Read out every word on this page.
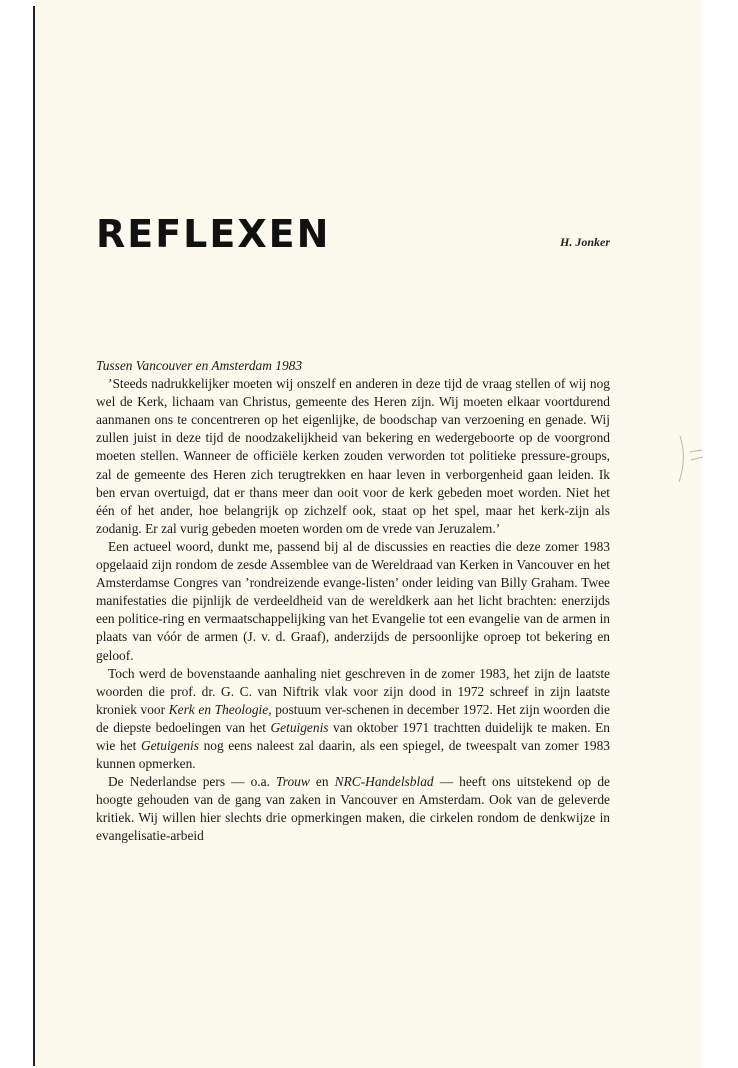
REFLEXEN	H. Jonker

Tussen Vancouver en Amsterdam 1983

’Steeds nadrukkelijker moeten wij onszelf en anderen in deze tijd de vraag stellen of wij nog wel de Kerk, lichaam van Christus, gemeente des Heren zijn. Wij moeten elkaar voortdurend aanmanen ons te concentreren op het eigenlijke, de boodschap van verzoening en genade. Wij zullen juist in deze tijd de noodzakelijkheid van bekering en wedergeboorte op de voorgrond moeten stellen. Wanneer de officiële kerken zouden verworden tot politieke pressure-groups, zal de gemeente des Heren zich terugtrekken en haar leven in verborgenheid gaan leiden. Ik ben ervan overtuigd, dat er thans meer dan ooit voor de kerk gebeden moet worden. Niet het één of het ander, hoe belangrijk op zichzelf ook, staat op het spel, maar het kerk-zijn als zodanig. Er zal vurig gebeden moeten worden om de vrede van Jeruzalem.’

Een actueel woord, dunkt me, passend bij al de discussies en reacties die deze zomer 1983 opgelaaid zijn rondom de zesde Assemblee van de Wereldraad van Kerken in Vancouver en het Amsterdamse Congres van ’rondreizende evange-listen’ onder leiding van Billy Graham. Twee manifestaties die pijnlijk de verdeeldheid van de wereldkerk aan het licht brachten: enerzijds een politice-ring en vermaatschappelijking van het Evangelie tot een evangelie van de armen in plaats van vóór de armen (J. v. d. Graaf), anderzijds de persoonlijke oproep tot bekering en geloof.

Toch werd de bovenstaande aanhaling niet geschreven in de zomer 1983, het zijn de laatste woorden die prof. dr. G. C. van Niftrik vlak voor zijn dood in 1972 schreef in zijn laatste kroniek voor Kerk en Theologie, postuum ver-schenen in december 1972. Het zijn woorden die de diepste bedoelingen van het Getuigenis van oktober 1971 trachtten duidelijk te maken. En wie het Getuigenis nog eens naleest zal daarin, als een spiegel, de tweespalt van zomer 1983 kunnen opmerken.

De Nederlandse pers — o.a. Trouw en NRC-Handelsblad — heeft ons uitstekend op de hoogte gehouden van de gang van zaken in Vancouver en Amsterdam. Ook van de geleverde kritiek. Wij willen hier slechts drie opmerkingen maken, die cirkelen rondom de denkwijze in evangelisatie-arbeid
